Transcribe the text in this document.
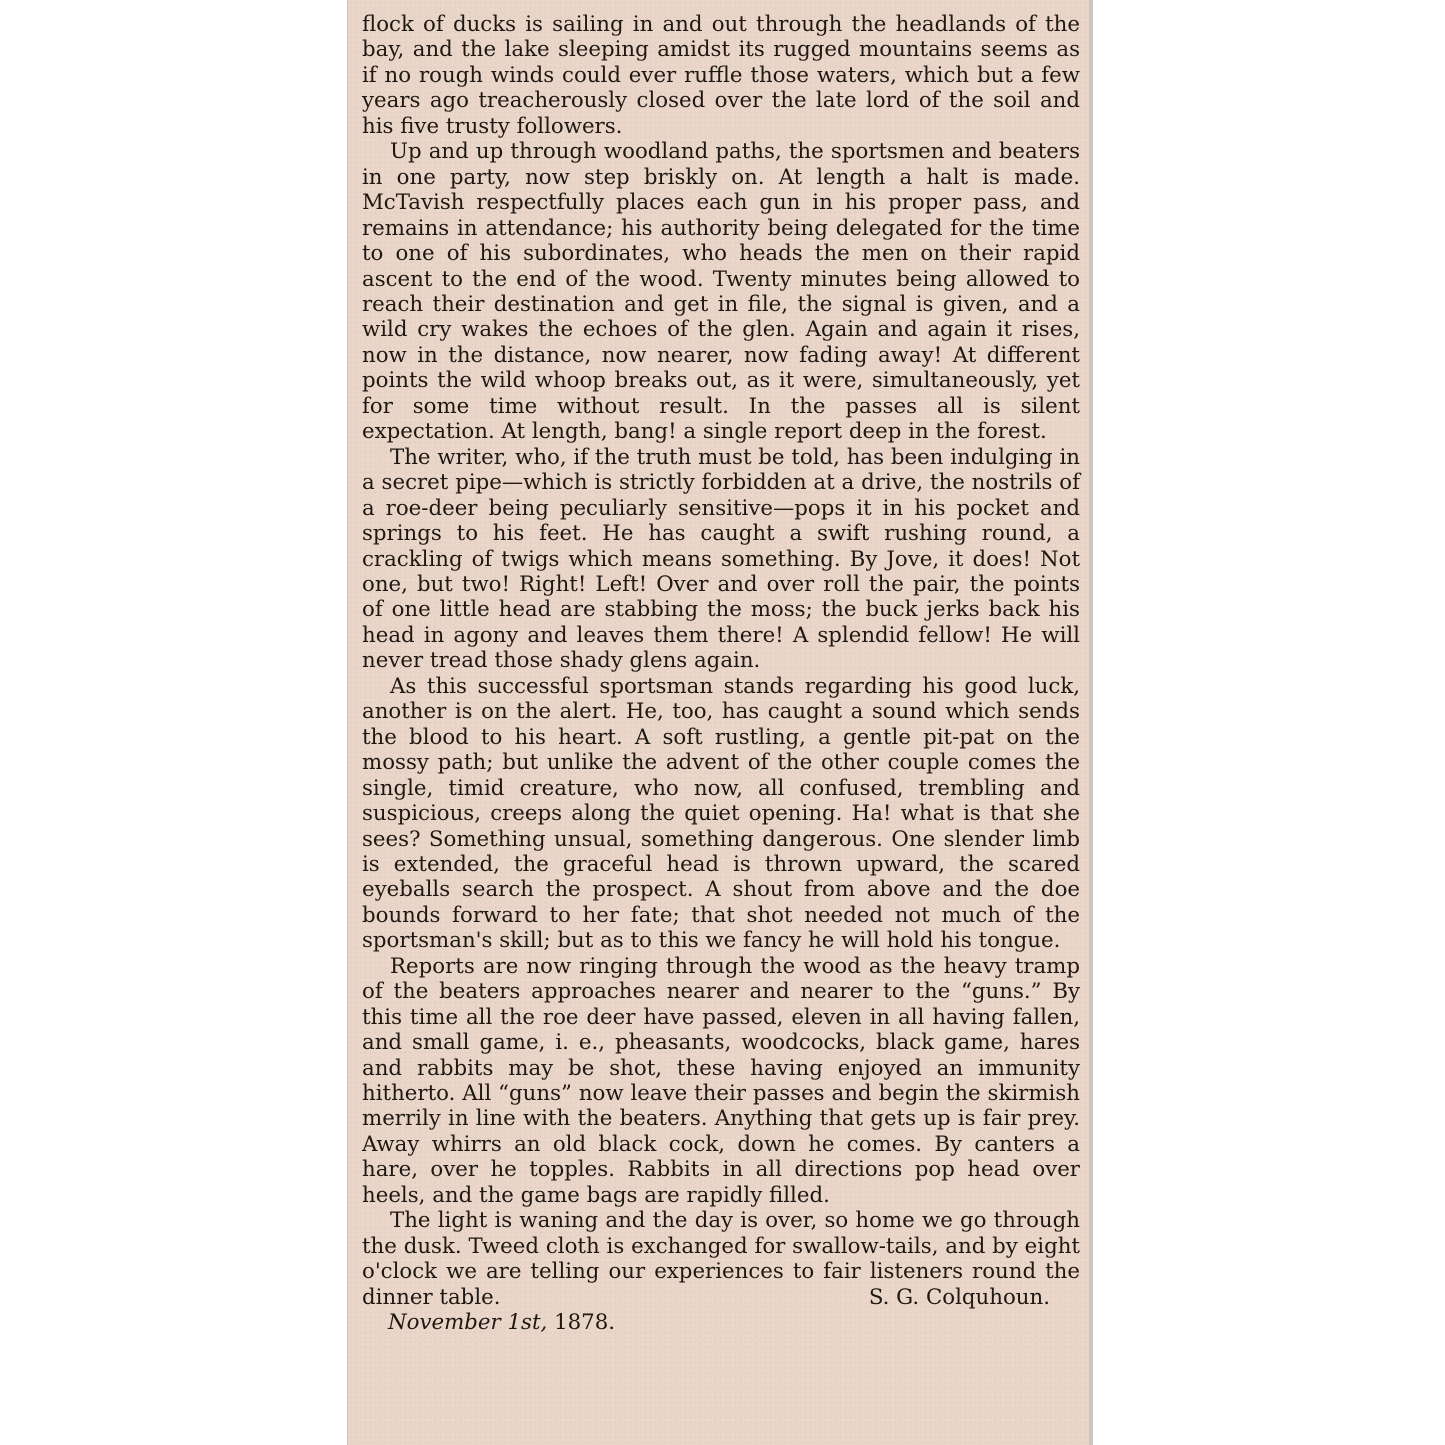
flock of ducks is sailing in and out through the headlands of the bay, and the lake sleeping amidst its rugged mountains seems as if no rough winds could ever ruffle those waters, which but a few years ago treacherously closed over the late lord of the soil and his five trusty followers.

Up and up through woodland paths, the sportsmen and beaters in one party, now step briskly on. At length a halt is made. McTavish respectfully places each gun in his proper pass, and remains in attendance; his authority being delegated for the time to one of his subordinates, who heads the men on their rapid ascent to the end of the wood. Twenty minutes being allowed to reach their destination and get in file, the signal is given, and a wild cry wakes the echoes of the glen. Again and again it rises, now in the distance, now nearer, now fading away! At different points the wild whoop breaks out, as it were, simultaneously, yet for some time without result. In the passes all is silent expectation. At length, bang! a single report deep in the forest.

The writer, who, if the truth must be told, has been indulging in a secret pipe—which is strictly forbidden at a drive, the nostrils of a roe-deer being peculiarly sensitive—pops it in his pocket and springs to his feet. He has caught a swift rushing round, a crackling of twigs which means something. By Jove, it does! Not one, but two! Right! Left! Over and over roll the pair, the points of one little head are stabbing the moss; the buck jerks back his head in agony and leaves them there! A splendid fellow! He will never tread those shady glens again.

As this successful sportsman stands regarding his good luck, another is on the alert. He, too, has caught a sound which sends the blood to his heart. A soft rustling, a gentle pit-pat on the mossy path; but unlike the advent of the other couple comes the single, timid creature, who now, all confused, trembling and suspicious, creeps along the quiet opening. Ha! what is that she sees? Something unsual, something dangerous. One slender limb is extended, the graceful head is thrown upward, the scared eyeballs search the prospect. A shout from above and the doe bounds forward to her fate; that shot needed not much of the sportsman's skill; but as to this we fancy he will hold his tongue.

Reports are now ringing through the wood as the heavy tramp of the beaters approaches nearer and nearer to the “guns.” By this time all the roe deer have passed, eleven in all having fallen, and small game, i. e., pheasants, woodcocks, black game, hares and rabbits may be shot, these having enjoyed an immunity hitherto. All “guns” now leave their passes and begin the skirmish merrily in line with the beaters. Anything that gets up is fair prey. Away whirrs an old black cock, down he comes. By canters a hare, over he topples. Rabbits in all directions pop head over heels, and the game bags are rapidly filled.

The light is waning and the day is over, so home we go through the dusk. Tweed cloth is exchanged for swallow-tails, and by eight o'clock we are telling our experiences to fair listeners round the dinner table.	S. G. Colquhoun.

November 1st, 1878.
